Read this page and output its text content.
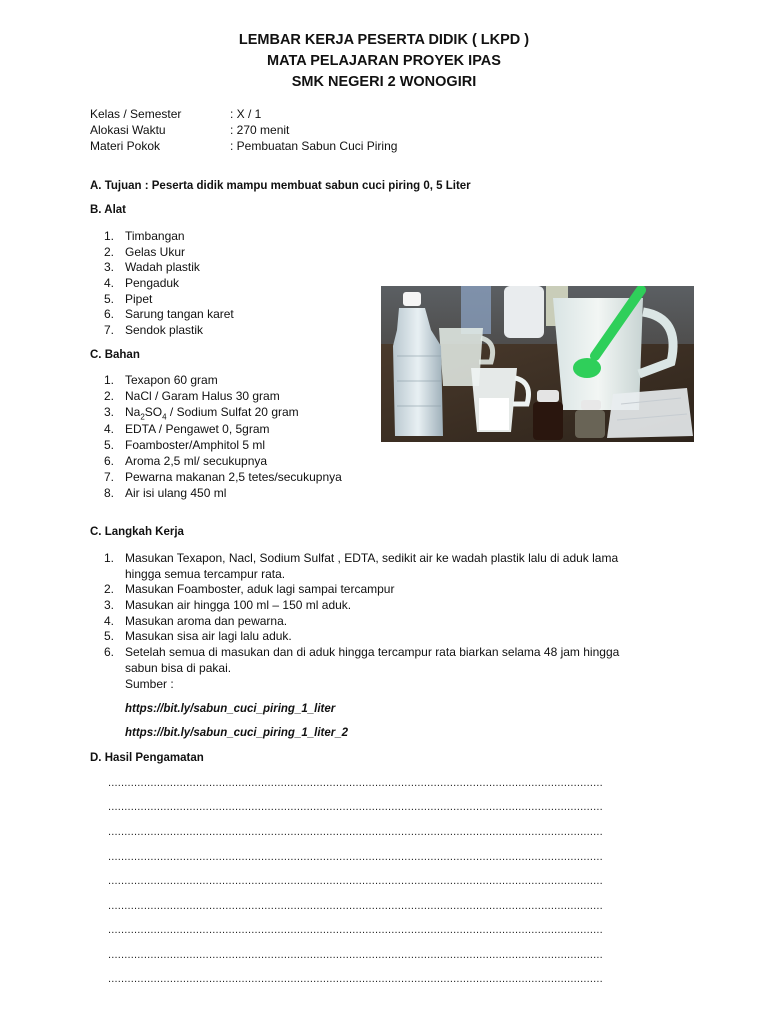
LEMBAR KERJA PESERTA DIDIK ( LKPD )
MATA PELAJARAN PROYEK IPAS
SMK NEGERI 2 WONOGIRI
Kelas / Semester	: X / 1
Alokasi Waktu	: 270 menit
Materi Pokok	: Pembuatan Sabun Cuci Piring
A. Tujuan : Peserta didik mampu membuat sabun cuci piring 0, 5 Liter
B. Alat
1. Timbangan
2. Gelas Ukur
3. Wadah plastik
4. Pengaduk
5. Pipet
6. Sarung tangan karet
7. Sendok plastik
C. Bahan
1. Texapon 60 gram
2. NaCl / Garam Halus 30 gram
3. $Na_2SO_4$ / Sodium Sulfat 20 gram
4. EDTA / Pengawet 0, 5gram
5. Foamboster/Amphitol 5 ml
6. Aroma 2,5 ml/ secukupnya
7. Pewarna makanan 2,5 tetes/secukupnya
8. Air isi ulang 450 ml
C. Langkah Kerja
1. Masukan Texapon, Nacl, Sodium Sulfat , EDTA, sedikit air ke wadah plastik lalu di aduk lama
hingga semua tercampur rata.
2. Masukan Foamboster, aduk lagi sampai tercampur
3. Masukan air hingga 100 ml – 150 ml aduk.
4. Masukan aroma dan pewarna.
5. Masukan sisa air lagi lalu aduk.
6. Setelah semua di masukan dan di aduk hingga tercampur rata biarkan selama 48 jam hingga
sabun bisa di pakai.
Sumber :
https://bit.ly/sabun_cuci_piring_1_liter
https://bit.ly/sabun_cuci_piring_1_liter_2
D. Hasil Pengamatan
........................................................................................................................................................
........................................................................................................................................................
........................................................................................................................................................
........................................................................................................................................................
........................................................................................................................................................
........................................................................................................................................................
........................................................................................................................................................
........................................................................................................................................................
........................................................................................................................................................
